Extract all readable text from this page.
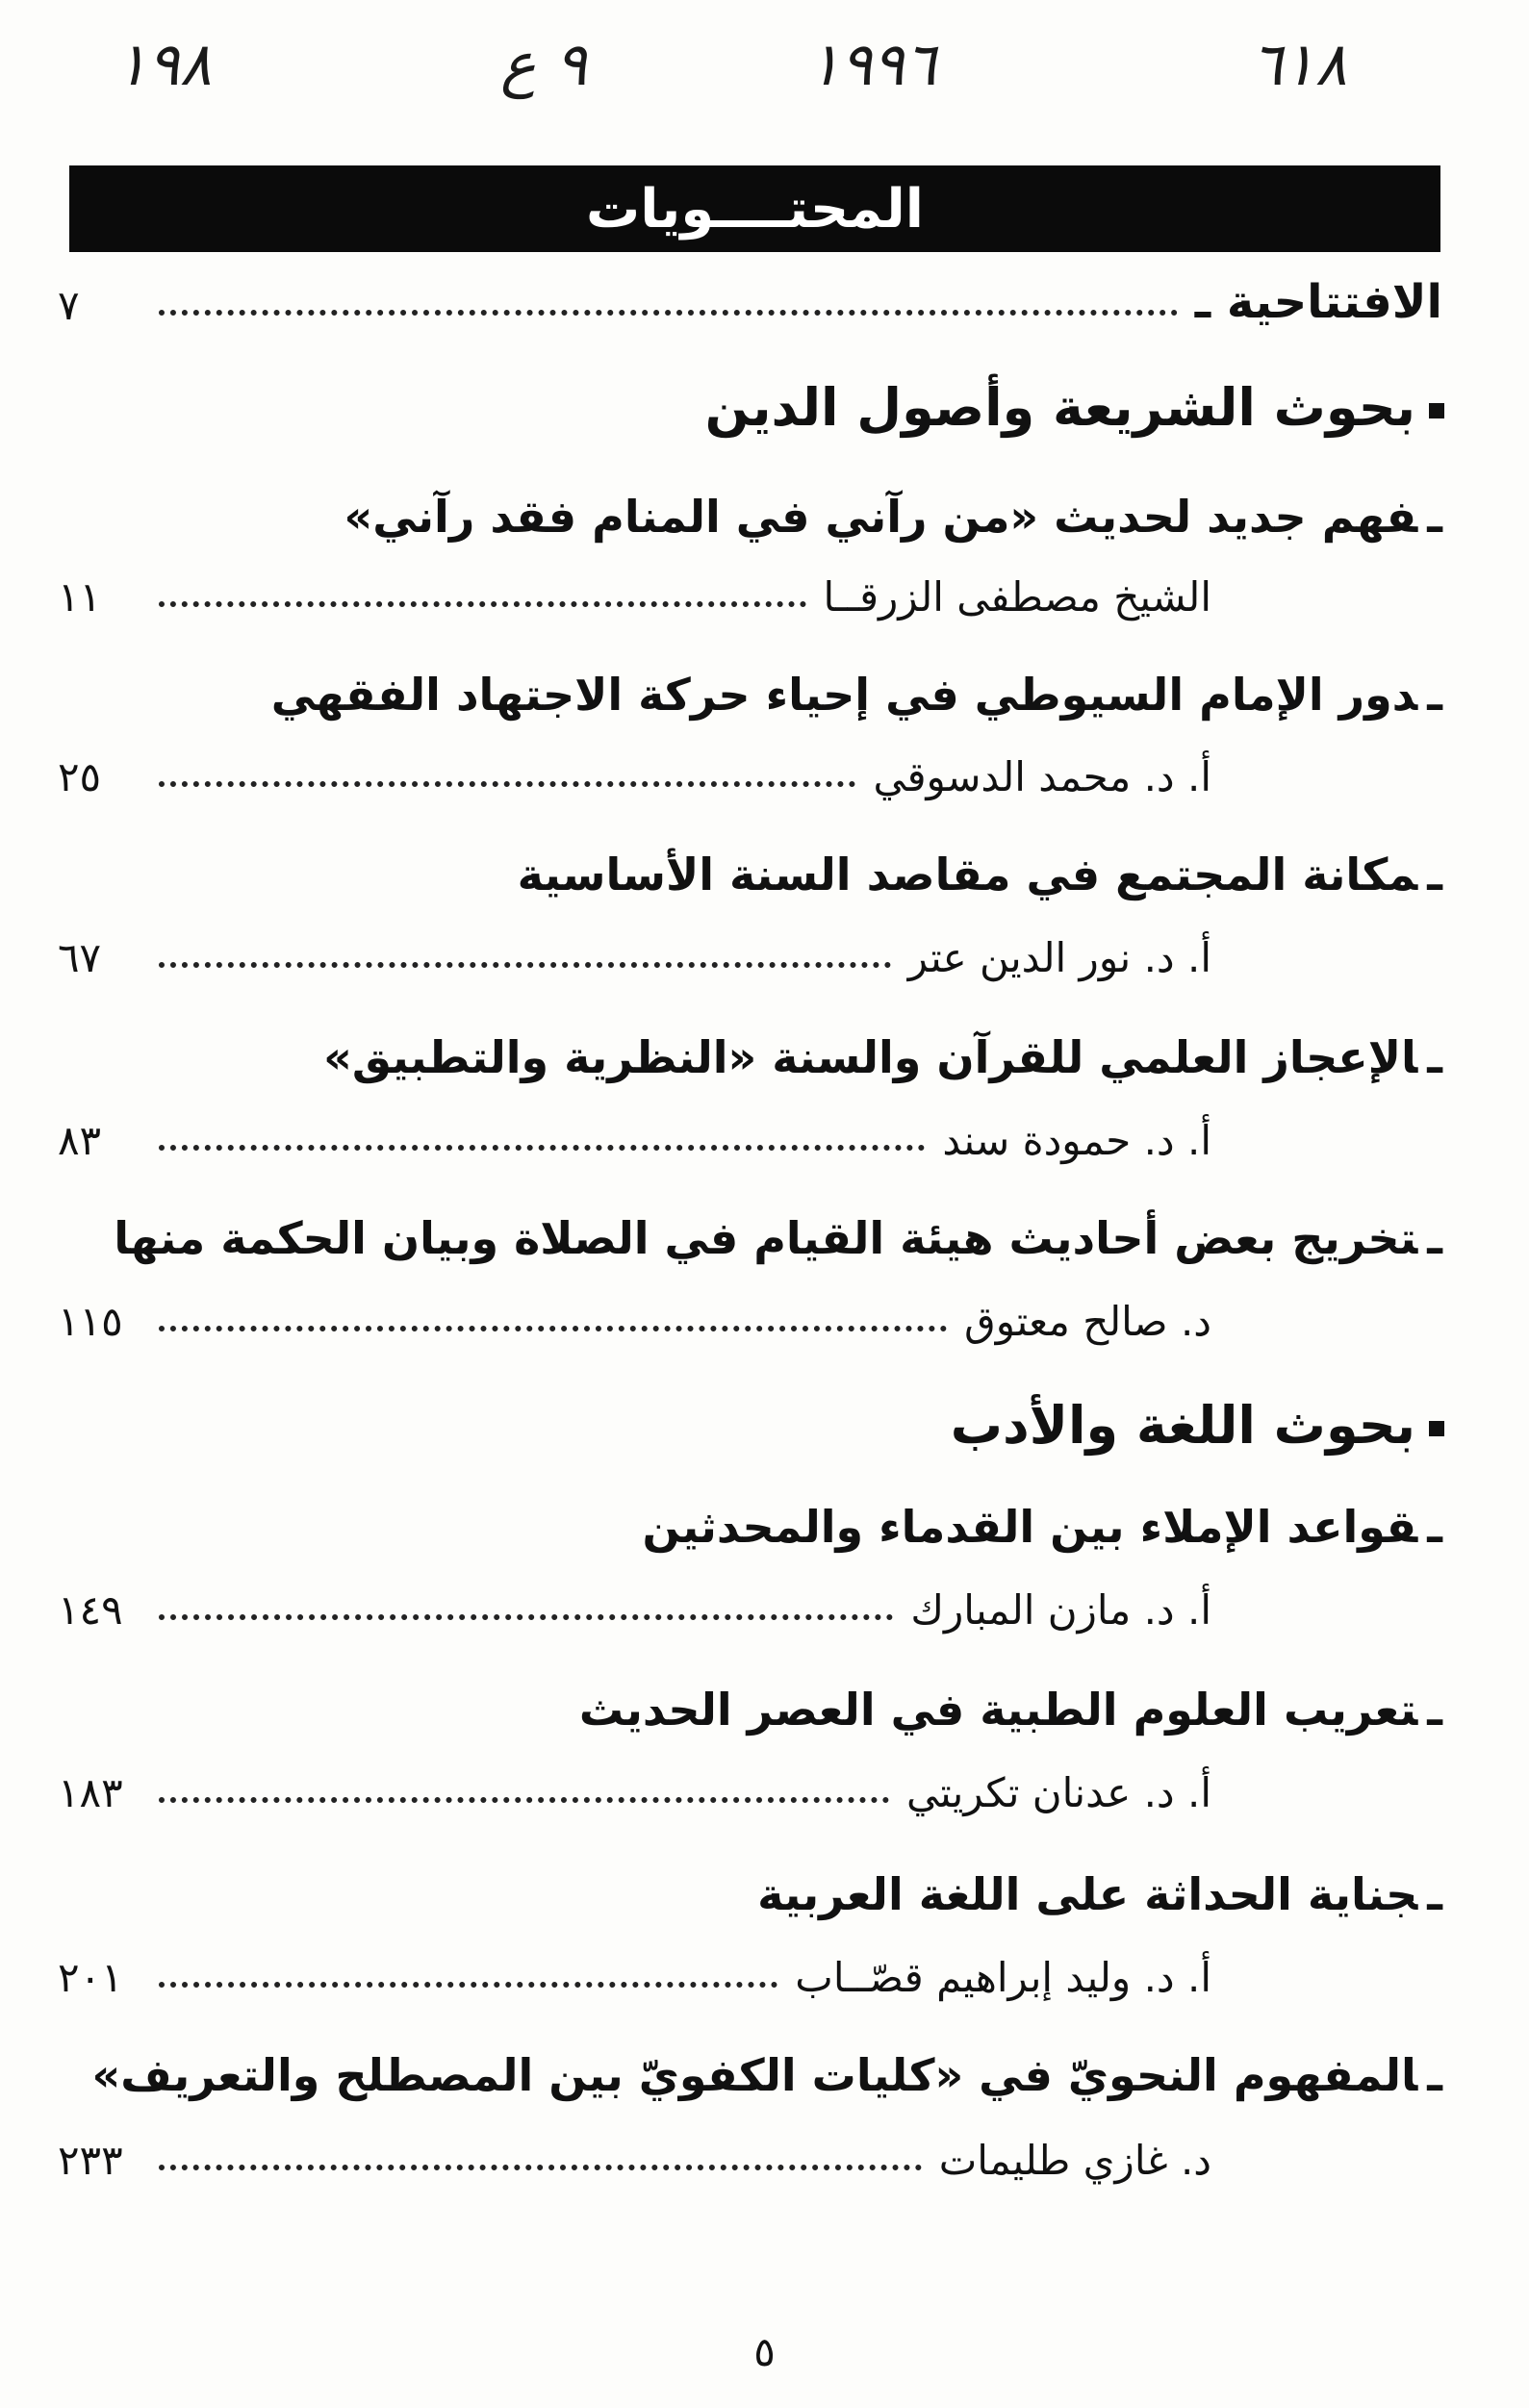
١٩٨	٩ ع	١٩٩٦	٦١٨
المحتــــويات
٧	الافتتاحية ـ
بحوث الشريعة وأصول الدين
ـفهم جديد لحديث «من رآني في المنام فقد رآني»
١١	الشيخ مصطفى الزرقــا
ـدور الإمام السيوطي في إحياء حركة الاجتهاد الفقهي
٢٥	أ. د. محمد الدسوقي
ـمكانة المجتمع في مقاصد السنة الأساسية
٦٧	أ. د. نور الدين عتر
ـالإعجاز العلمي للقرآن والسنة «النظرية والتطبيق»
٨٣	أ. د. حمودة سند
ـتخريج بعض أحاديث هيئة القيام في الصلاة وبيان الحكمة منها
١١٥	د. صالح معتوق
بحوث اللغة والأدب
ـقواعد الإملاء بين القدماء والمحدثين
١٤٩	أ. د. مازن المبارك
ـتعريب العلوم الطبية في العصر الحديث
١٨٣	أ. د. عدنان تكريتي
ـجناية الحداثة على اللغة العربية
٢٠١	أ. د. وليد إبراهيم قصّــاب
ـالمفهوم النحويّ في «كليات الكفويّ بين المصطلح والتعريف»
٢٣٣	د. غازي طليمات
٥
